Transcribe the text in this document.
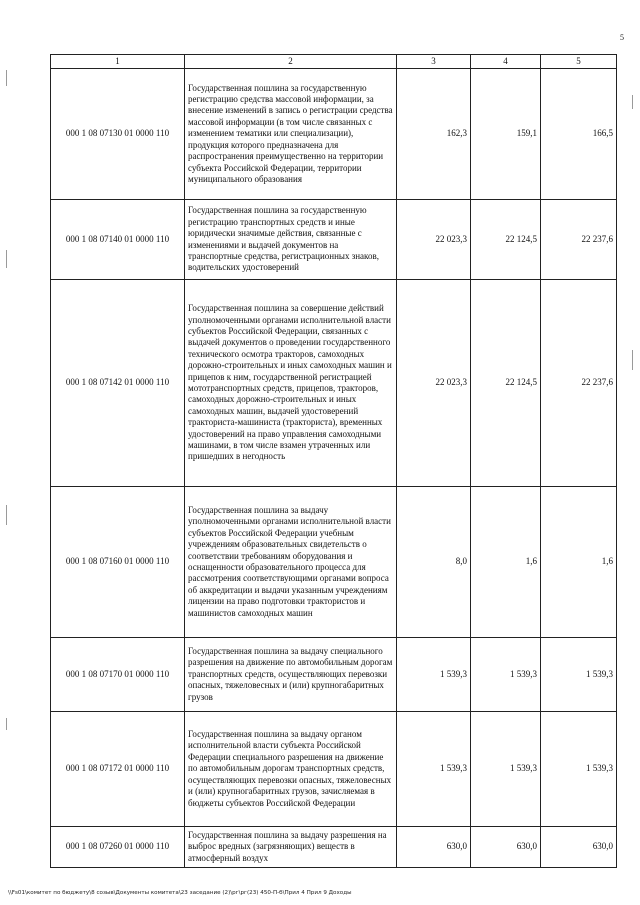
5
1	2	3	4	5
000 1 08 07130 01 0000 110	Государственная пошлина за государственную регистрацию средства массовой информации, за внесение изменений в запись о регистрации средства массовой информации (в том числе связанных с изменением тематики или специализации), продукция которого предназначена для распространения преимущественно на территории субъекта Российской Федерации, территории муниципального образования	162,3	159,1	166,5
000 1 08 07140 01 0000 110	Государственная пошлина за государственную регистрацию транспортных средств и иные юридически значимые действия, связанные с изменениями и выдачей документов на транспортные средства, регистрационных знаков, водительских удостоверений	22 023,3	22 124,5	22 237,6
000 1 08 07142 01 0000 110	Государственная пошлина за совершение действий уполномоченными органами исполнительной власти субъектов Российской Федерации, связанных с выдачей документов о проведении государственного технического осмотра тракторов, самоходных дорожно-строительных и иных самоходных машин и прицепов к ним, государственной регистрацией мототранспортных средств, прицепов, тракторов, самоходных дорожно-строительных и иных самоходных машин, выдачей удостоверений тракториста-машиниста (тракториста), временных удостоверений на право управления самоходными машинами, в том числе взамен утраченных или пришедших в негодность	22 023,3	22 124,5	22 237,6
000 1 08 07160 01 0000 110	Государственная пошлина за выдачу уполномоченными органами исполнительной власти субъектов Российской Федерации учебным учреждениям образовательных свидетельств о соответствии требованиям оборудования и оснащенности образовательного процесса для рассмотрения соответствующими органами вопроса об аккредитации и выдачи указанным учреждениям лицензии на право подготовки трактористов и машинистов самоходных машин	8,0	1,6	1,6
000 1 08 07170 01 0000 110	Государственная пошлина за выдачу специального разрешения на движение по автомобильным дорогам транспортных средств, осуществляющих перевозки опасных, тяжеловесных и (или) крупногабаритных грузов	1 539,3	1 539,3	1 539,3
000 1 08 07172 01 0000 110	Государственная пошлина за выдачу органом исполнительной власти субъекта Российской Федерации специального разрешения на движение по автомобильным дорогам транспортных средств, осуществляющих перевозки опасных, тяжеловесных и (или) крупногабаритных грузов, зачисляемая в бюджеты субъектов Российской Федерации	1 539,3	1 539,3	1 539,3
000 1 08 07260 01 0000 110	Государственная пошлина за выдачу разрешения на выброс вредных (загрязняющих) веществ в атмосферный воздух	630,0	630,0	630,0
\\Fs01\комитет по бюджету\8 созыв\Документы комитета\23 заседание (2)\рг\рг(23) 450-П-б\Прил 4 Прил 9 Доходы
